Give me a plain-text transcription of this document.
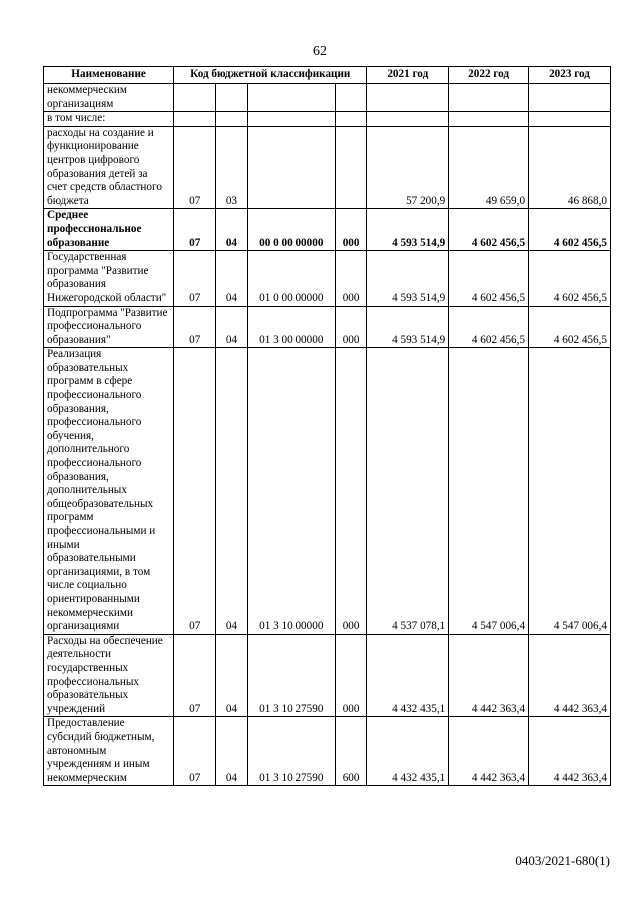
62
Наименование	Код бюджетной классификации				2021 год	2022 год	2023 год
некоммерческим организациям							
в том числе:							
расходы на создание и функционирование центров цифрового образования детей за счет средств областного бюджета	07	03			57 200,9	49 659,0	46 868,0
Среднее профессиональное образование	07	04	00 0 00 00000	000	4 593 514,9	4 602 456,5	4 602 456,5
Государственная программа "Развитие образования Нижегородской области"	07	04	01 0 00 00000	000	4 593 514,9	4 602 456,5	4 602 456,5
Подпрограмма "Развитие профессионального образования"	07	04	01 3 00 00000	000	4 593 514,9	4 602 456,5	4 602 456,5
Реализация образовательных программ в сфере профессионального образования, профессионального обучения, дополнительного профессионального образования, дополнительных общеобразовательных программ профессиональными и иными образовательными организациями, в том числе социально ориентированными некоммерческими организациями	07	04	01 3 10 00000	000	4 537 078,1	4 547 006,4	4 547 006,4
Расходы на обеспечение деятельности государственных профессиональных образовательных учреждений	07	04	01 3 10 27590	000	4 432 435,1	4 442 363,4	4 442 363,4
Предоставление субсидий бюджетным, автономным учреждениям и иным некоммерческим	07	04	01 3 10 27590	600	4 432 435,1	4 442 363,4	4 442 363,4
0403/2021-680(1)
